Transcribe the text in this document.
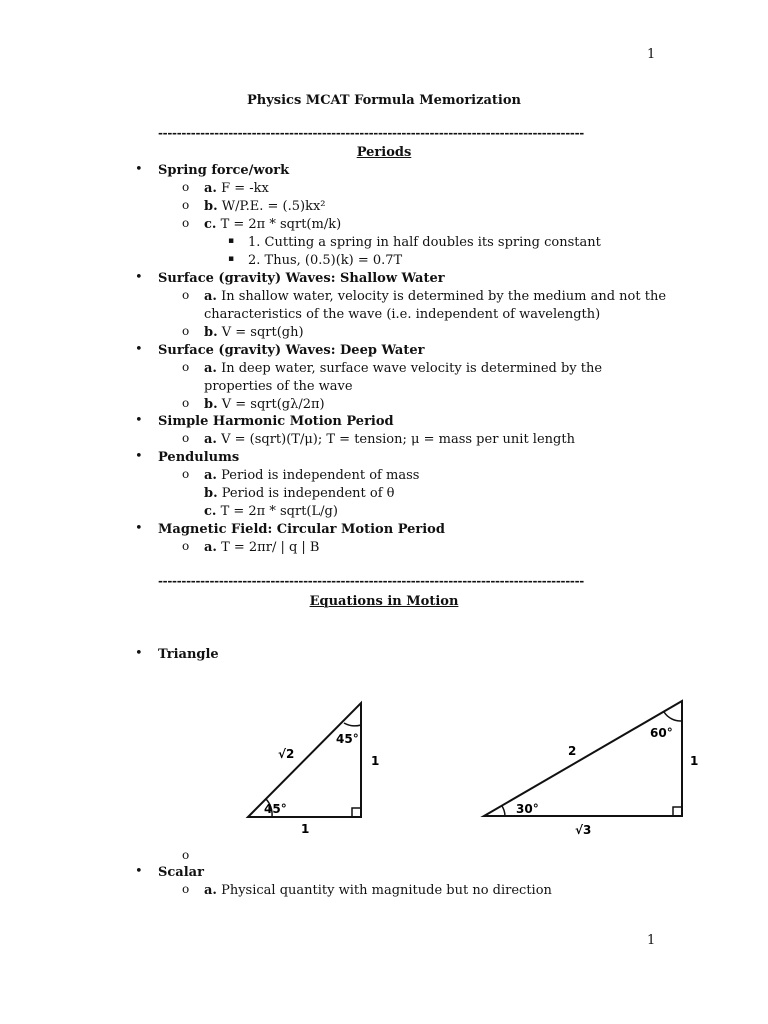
1
Physics MCAT Formula Memorization
-------------------------------------------------------------------------------------------
Periods
• Spring force/work
o a. F = -kx
o b. W/P.E. = (.5)kx²
o c. T = 2π * sqrt(m/k)
▪ 1. Cutting a spring in half doubles its spring constant
▪ 2. Thus, (0.5)(k) = 0.7T
• Surface (gravity) Waves: Shallow Water
o a. In shallow water, velocity is determined by the medium and not the
characteristics of the wave (i.e. independent of wavelength)
o b. V = sqrt(gh)
• Surface (gravity) Waves: Deep Water
o a. In deep water, surface wave velocity is determined by the
properties of the wave
o b. V = sqrt(gλ/2π)
• Simple Harmonic Motion Period
o a. V = (sqrt)(T/μ); T = tension; μ = mass per unit length
• Pendulums
o a. Period is independent of mass
b. Period is independent of θ
c. T = 2π * sqrt(L/g)
• Magnetic Field: Circular Motion Period
o a. T = 2πr/ | q | B
-------------------------------------------------------------------------------------------
Equations in Motion
• Triangle
√2
45°
45°
1
1
2
60°
30°
1
√3
o
• Scalar
o a. Physical quantity with magnitude but no direction
1
